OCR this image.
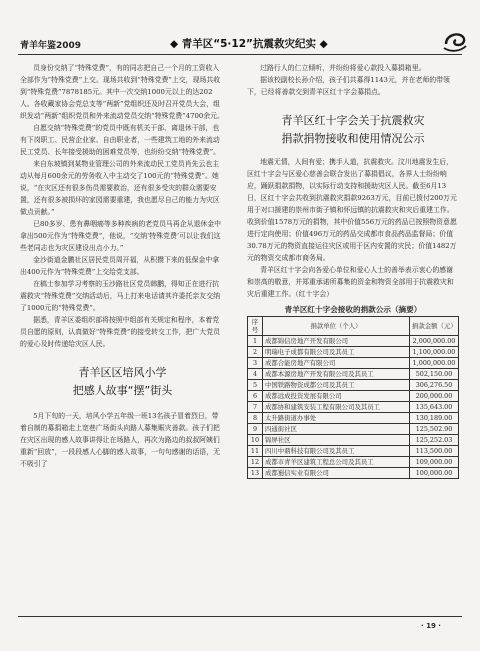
青羊年鉴2009	◆ 青羊区“5·12”抗震救灾纪实 ◆

员身份交纳了“特殊党费”，有的同志把自己一个月的工资收入全部作为“特殊党费”上交。现场共收到“特殊党费”上交，现场共收到“特殊党费”7878185元。其中一次交纳1000元以上的达202人。各收藏家协会党总支等“两新”党组织还及时召开党员大会，组织发动“两新”组织党员和外来流动党员交纳“特殊党费”4700余元。

自愿交纳“特殊党费”的党员中既有机关干部、离退休干部，也有下岗职工、民营企业家、自由职业者，一些建筑工地的外来流动民工党员、长年接受援助的困难党员等，也纷纷交纳“特殊党费”。

来自东坡镇到某物业管理公司的外来流动民工党员肖先云也主动从每月600余元的劳务收入中主动交了100元的“特殊党费”。她说，“在灾区还有很多伤员需要救治，还有很多受灾的群众需要安置，还有很多被损坏的家园需要重建，我也愿尽自己的能力为灾区做点贡献。”

已80多岁、患有鼻咽癌等多种疾病的老党员马再企从退休金中拿出500元作为“特殊党费”，他说，“交纳‘特殊党费’可以让我们这些老同志也为灾区建设出点小力。”

金沙街道金鹏社区居民党员周开福，从积攒下来的低保金中拿出400元作为“特殊党费”上交给党支部。

在稿士参加学习考察的玉沙路社区党员韩鹏，得知正在进行抗震救灾“特殊党费”交纳活动后，马上打来电话请其许委托亲友交纳了1000元的“特殊党费”。

据悉，青羊区委组织部将按照中组部有关规定和程序，本着党员自愿的原则，认真做好“特殊党费”的接受转交工作，把广大党员的爱心及时传递给灾区人民。

青羊区区培风小学

把感人故事“摆”街头

5月下旬的一天，培风小学五年级一班13名孩子冒着烈日，带着自制的募捐箱走上宽巷广场街头向路人募集赈灾善款。孩子们把在灾区出现的感人故事讲得让在场路人，再次为路边的叔叔阿姨们重新“回放”，一段段感人心脚的感人故事，一句句感谢的话语，无不吸引了

过路行人的仁立倾听，并纷纷将爱心款投入募捐箱里。

据该校副校长孙介绍，孩子们共募得1143元，并在老师的带领下，已经将善款交到青羊区红十字会募捐点。

青羊区红十字会关于抗震救灾

捐款捐物接收和使用情况公示

地震无情，人间有爱；携手人道，抗震救灾。汶川地震发生后，区红十字会与区爱心慈善会联合发出了募捐倡议，各界人士纷纷响应，踊跃捐款捐物，以实际行动支持和援助灾区人民。截至6月13日，区红十字会共收到抗震救灾捐款9263万元，目前已拨付200万元用于对口援建的崇州市街子镇和怀远镇的抗震救灾和灾后重建工作。收到价值1578万元的捐物，其中价值556万元的药品已按照物资意愿进行定向使用；价值496万元的药品交成都市食品药品监督局；价值30.78万元的物资直接运往灾区或用于区内安置的灾民；价值1482万元的物资交成都市商务局。

青羊区红十字会向各爱心单位和爱心人士的善举表示衷心的感谢和崇高的敬意，并郑重承诺所募集的资金和物资全部用于抗震救灾和灾后重建工作。（红十字会）

青羊区红十字会接收的捐款公示（摘要）

序号	捐款单位（个人）	捐款金额（元）
1	成都锦信房地产开发有限公司	2,000,000.00
2	明瑞电子成都有限公司及其员工	1,100,000.00
3	成都合能房地产有限公司	1,000,000.00
4	成都本源房地产开发有限公司及其员工	502,150.00
5	中国铁路物资成都公司及其员工	306,276.50
6	成都远成投资发展有限公司	200,000.00
7	成都协和建筑安装工程有限公司及其员工	135,643.00
8	太升路街道办事处	130,189.00
9	四通街社区	125,502.90
10	锦屏社区	125,252.03
11	四川中鼎科技有限公司及其员工	113,500.00
12	成都市青羊区建筑工程总公司及其员工	109,000.00
13	成都蜀信实业有限公司	100,000.00
· 19 ·
